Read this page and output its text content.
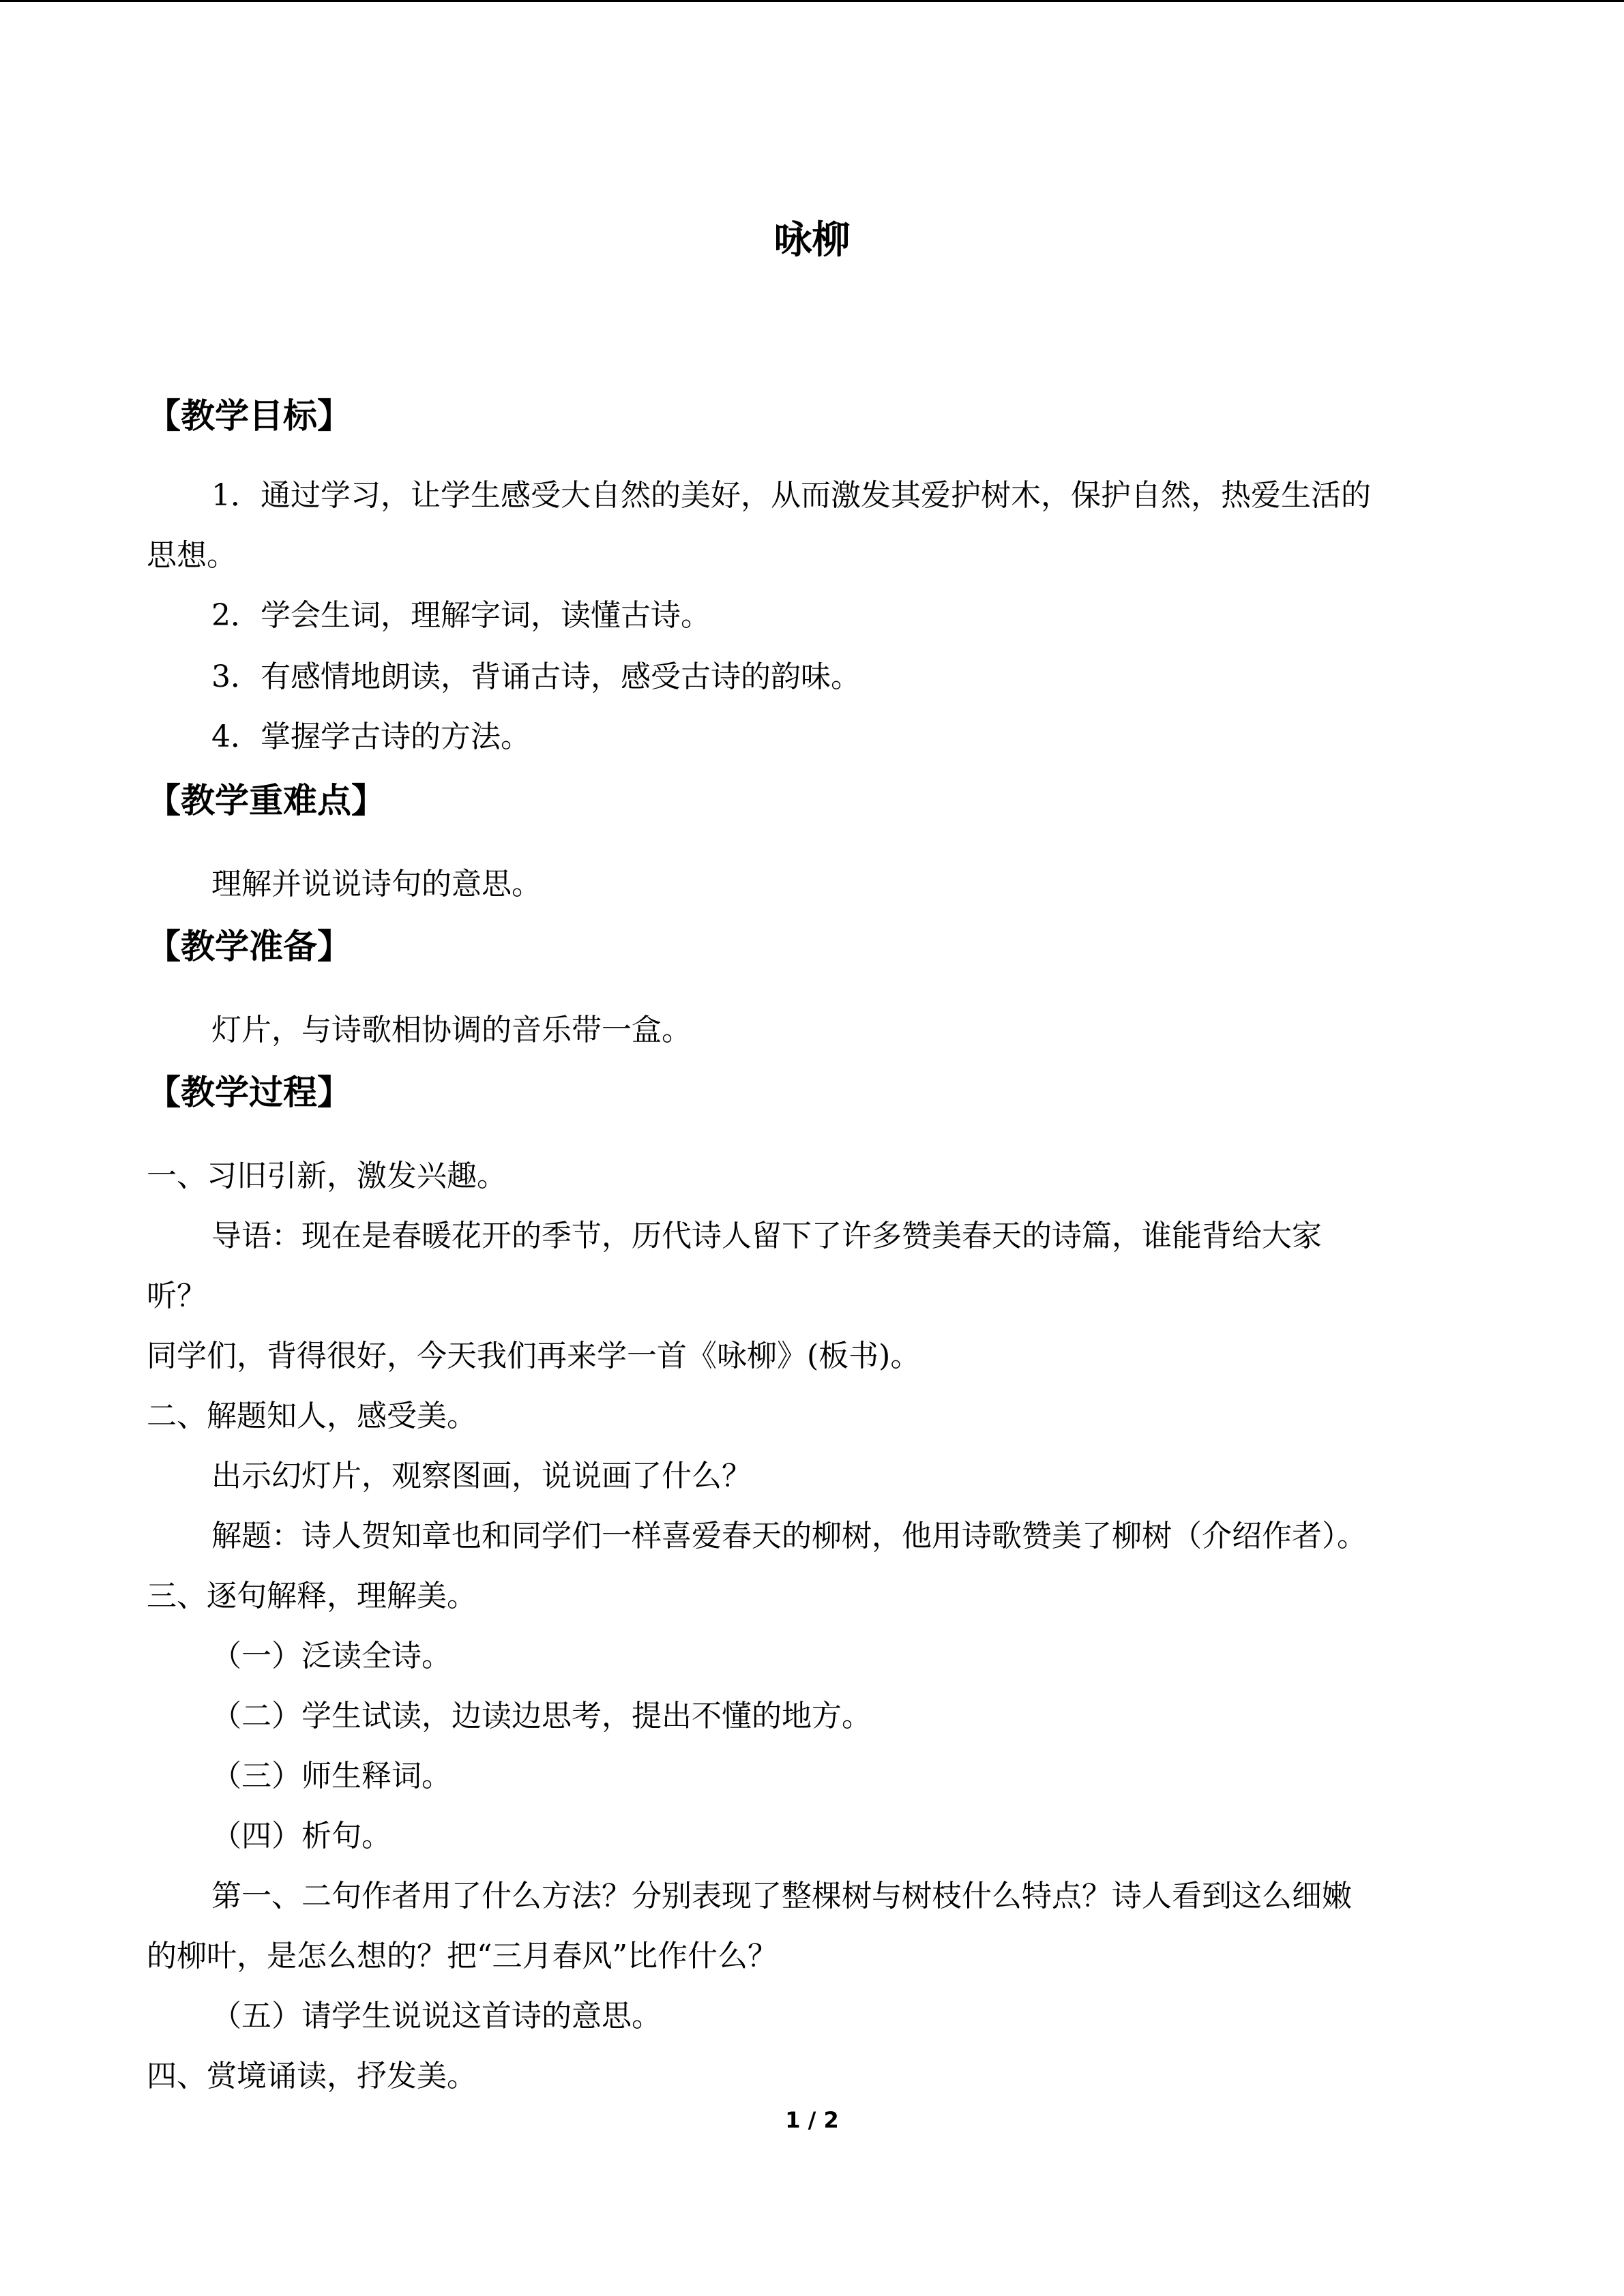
咏柳
【教学目标】
1．通过学习，让学生感受大自然的美好，从而激发其爱护树木，保护自然，热爱生活的
思想。
2．学会生词，理解字词，读懂古诗。
3．有感情地朗读，背诵古诗，感受古诗的韵味。
4．掌握学古诗的方法。
【教学重难点】
理解并说说诗句的意思。
【教学准备】
灯片，与诗歌相协调的音乐带一盒。
【教学过程】
一、习旧引新，激发兴趣。
导语：现在是春暖花开的季节，历代诗人留下了许多赞美春天的诗篇，谁能背给大家
听？
同学们，背得很好，今天我们再来学一首《咏柳》(板书)。
二、解题知人，感受美。
出示幻灯片，观察图画，说说画了什么？
解题：诗人贺知章也和同学们一样喜爱春天的柳树，他用诗歌赞美了柳树（介绍作者）。
三、逐句解释，理解美。
（一）泛读全诗。
（二）学生试读，边读边思考，提出不懂的地方。
（三）师生释词。
（四）析句。
第一、二句作者用了什么方法？分别表现了整棵树与树枝什么特点？诗人看到这么细嫩
的柳叶，是怎么想的？把“三月春风”比作什么？
（五）请学生说说这首诗的意思。
四、赏境诵读，抒发美。
1 / 2
